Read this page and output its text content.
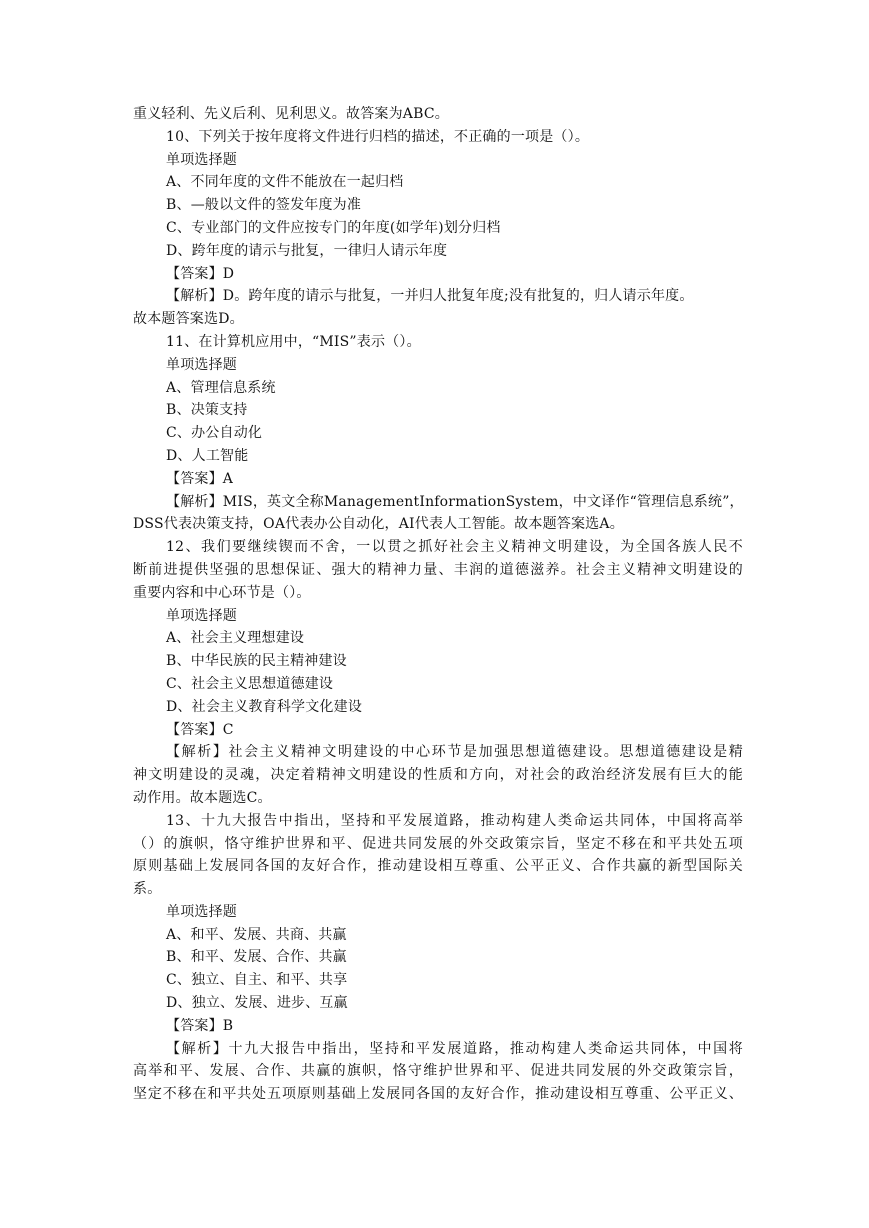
重义轻利、先义后利、见利思义。故答案为ABC。
10、下列关于按年度将文件进行归档的描述，不正确的一项是（）。
单项选择题
A、不同年度的文件不能放在一起归档
B、—般以文件的签发年度为准
C、专业部门的文件应按专门的年度(如学年)划分归档
D、跨年度的请示与批复，一律归人请示年度
【答案】D
【解析】D。跨年度的请示与批复，一并归人批复年度;没有批复的，归人请示年度。
故本题答案选D。
11、在计算机应用中，“MIS”表示（）。
单项选择题
A、管理信息系统
B、决策支持
C、办公自动化
D、人工智能
【答案】A
【解析】MIS，英文全称ManagementInformationSystem，中文译作“管理信息系统”，
DSS代表决策支持，OA代表办公自动化，AI代表人工智能。故本题答案选A。
12、我们要继续锲而不舍，一以贯之抓好社会主义精神文明建设，为全国各族人民不
断前进提供坚强的思想保证、强大的精神力量、丰润的道德滋养。社会主义精神文明建设的
重要内容和中心环节是（）。
单项选择题
A、社会主义理想建设
B、中华民族的民主精神建设
C、社会主义思想道德建设
D、社会主义教育科学文化建设
【答案】C
【解析】社会主义精神文明建设的中心环节是加强思想道德建设。思想道德建设是精
神文明建设的灵魂，决定着精神文明建设的性质和方向，对社会的政治经济发展有巨大的能
动作用。故本题选C。
13、十九大报告中指出，坚持和平发展道路，推动构建人类命运共同体，中国将高举
（）的旗帜，恪守维护世界和平、促进共同发展的外交政策宗旨，坚定不移在和平共处五项
原则基础上发展同各国的友好合作，推动建设相互尊重、公平正义、合作共赢的新型国际关
系。
单项选择题
A、和平、发展、共商、共赢
B、和平、发展、合作、共赢
C、独立、自主、和平、共享
D、独立、发展、进步、互赢
【答案】B
【解析】十九大报告中指出，坚持和平发展道路，推动构建人类命运共同体，中国将
高举和平、发展、合作、共赢的旗帜，恪守维护世界和平、促进共同发展的外交政策宗旨，
坚定不移在和平共处五项原则基础上发展同各国的友好合作，推动建设相互尊重、公平正义、
